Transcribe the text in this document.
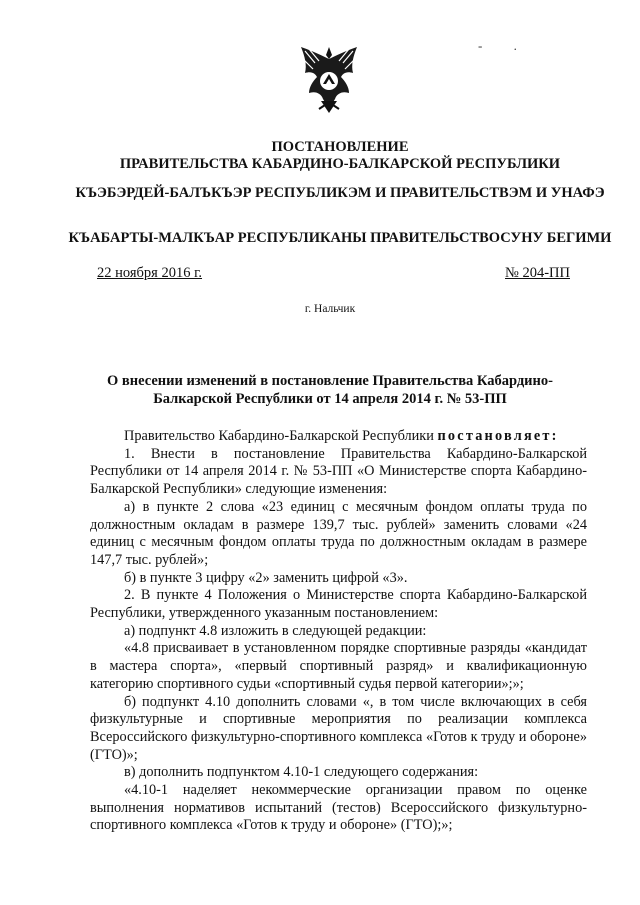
- .
ПОСТАНОВЛЕНИЕ
ПРАВИТЕЛЬСТВА КАБАРДИНО-БАЛКАРСКОЙ РЕСПУБЛИКИ
КЪЭБЭРДЕЙ-БАЛЪКЪЭР РЕСПУБЛИКЭМ И ПРАВИТЕЛЬСТВЭМ И УНАФЭ
КЪАБАРТЫ-МАЛКЪАР РЕСПУБЛИКАНЫ ПРАВИТЕЛЬСТВОСУНУ БЕГИМИ
22 ноября 2016 г.	№ 204-ПП
г. Нальчик
О внесении изменений в постановление Правительства Кабардино-Балкарской Республики от 14 апреля 2014 г. № 53-ПП

Правительство Кабардино-Балкарской Республики постановляет:

1. Внести в постановление Правительства Кабардино-Балкарской Республики от 14 апреля 2014 г. № 53-ПП «О Министерстве спорта Кабардино-Балкарской Республики» следующие изменения:

а) в пункте 2 слова «23 единиц с месячным фондом оплаты труда по должностным окладам в размере 139,7 тыс. рублей» заменить словами «24 единиц с месячным фондом оплаты труда по должностным окладам в размере 147,7 тыс. рублей»;

б) в пункте 3 цифру «2» заменить цифрой «3».

2. В пункте 4 Положения о Министерстве спорта Кабардино-Балкарской Республики, утвержденного указанным постановлением:

а) подпункт 4.8 изложить в следующей редакции:

«4.8 присваивает в установленном порядке спортивные разряды «кандидат в мастера спорта», «первый спортивный разряд» и квалификационную категорию спортивного судьи «спортивный судья первой категории»;»;

б) подпункт 4.10 дополнить словами «, в том числе включающих в себя физкультурные и спортивные мероприятия по реализации комплекса Всероссийского физкультурно-спортивного комплекса «Готов к труду и обороне» (ГТО)»;

в) дополнить подпунктом 4.10-1 следующего содержания:

«4.10-1 наделяет некоммерческие организации правом по оценке выполнения нормативов испытаний (тестов) Всероссийского физкультурно-спортивного комплекса «Готов к труду и обороне» (ГТО);»;
